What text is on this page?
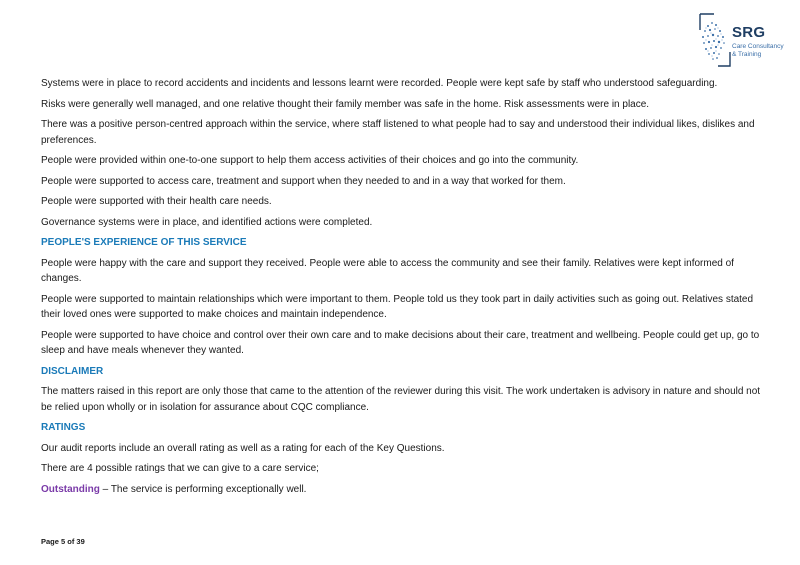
SRG
Care Consultancy
& Training

Systems were in place to record accidents and incidents and lessons learnt were recorded. People were kept safe by staff who understood safeguarding.

Risks were generally well managed, and one relative thought their family member was safe in the home. Risk assessments were in place.

There was a positive person-centred approach within the service, where staff listened to what people had to say and understood their individual likes, dislikes and preferences.

People were provided within one-to-one support to help them access activities of their choices and go into the community.

People were supported to access care, treatment and support when they needed to and in a way that worked for them.

People were supported with their health care needs.

Governance systems were in place, and identified actions were completed.

PEOPLE'S EXPERIENCE OF THIS SERVICE

People were happy with the care and support they received. People were able to access the community and see their family. Relatives were kept informed of changes.

People were supported to maintain relationships which were important to them. People told us they took part in daily activities such as going out. Relatives stated their loved ones were supported to make choices and maintain independence.

People were supported to have choice and control over their own care and to make decisions about their care, treatment and wellbeing. People could get up, go to sleep and have meals whenever they wanted.

DISCLAIMER

The matters raised in this report are only those that came to the attention of the reviewer during this visit. The work undertaken is advisory in nature and should not be relied upon wholly or in isolation for assurance about CQC compliance.

RATINGS

Our audit reports include an overall rating as well as a rating for each of the Key Questions.

There are 4 possible ratings that we can give to a care service;

Outstanding – The service is performing exceptionally well.

Page 5 of 39
